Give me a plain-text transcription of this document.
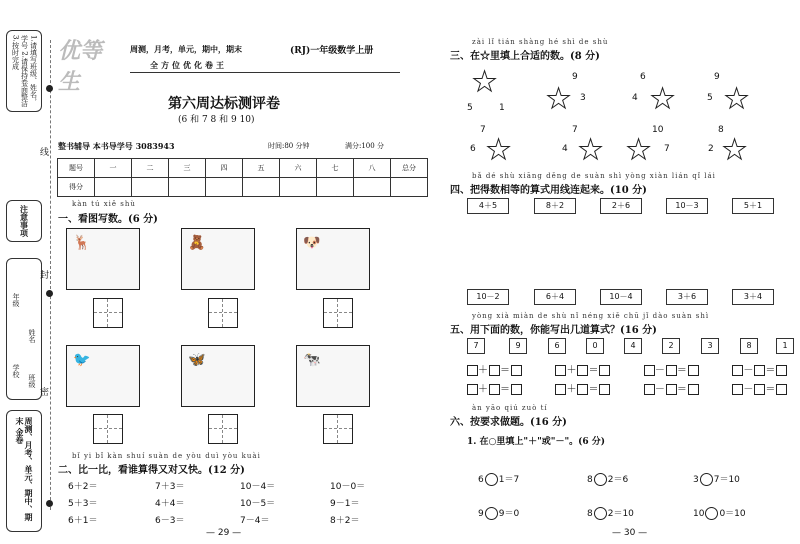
1.请填写班级、姓名，学号 2.请保持卷面整洁 3.按时完成
注意事项
年级
姓名
学校
班级
周测、月考、单元、期中、期末 金卷
线
封
密
优等生
周测，月考，单元，期中，期末
全方位优化卷王
(RJ)一年级数学上册
第六周达标测评卷
(6 和 7 8 和 9 10)
整书辅导 本书导学号 3083943	时间:80 分钟	满分:100 分
题号	一	二	三	四	五	六	七	八	总分
得分									
kàn tú xiě shù
一、看图写数。(6 分)
🦌	🧸	🐶
🐦	🦋	🐄
bǐ yi bǐ kàn shuí suàn de yòu duì yòu kuài
二、比一比，看谁算得又对又快。(12 分)
6＋2＝	7＋3＝	10－4＝	10－0＝
5＋3＝	4＋4＝	10－5＝	9－1＝
6＋1＝	6－3＝	7－4＝	8＋2＝
— 29 —
zài lǐ tián shàng hé shì de shù
三、在☆里填上合适的数。(8 分)
★
5	1
9
★ 3
6
4 ★
9
5 ★
7
6 ★
7
4 ★
10
7
★
8
2 ★
bǎ dé shù xiāng děng de suàn shì yòng xiàn lián qǐ lái
四、把得数相等的算式用线连起来。(10 分)
4＋5	8＋2	2＋6	10－3	5＋1
10－2	6＋4	10－4	3＋6	3＋4
yòng xià miàn de shù nǐ néng xiě chū jǐ dào suàn shì
五、用下面的数，你能写出几道算式？(16 分)
7	9	6	0	4	2	3	8	1
＋ ＝	＋ ＝	－ ＝	－ ＝
＋ ＝	＋ ＝	－ ＝	－ ＝
àn yāo qiú zuò tí
六、按要求做题。(16 分)
1. 在○里填上"＋"或"－"。(6 分)
6 1＝7	8 2＝6	3 7＝10
9 9＝0	8 2＝10	10 0＝10
— 30 —
